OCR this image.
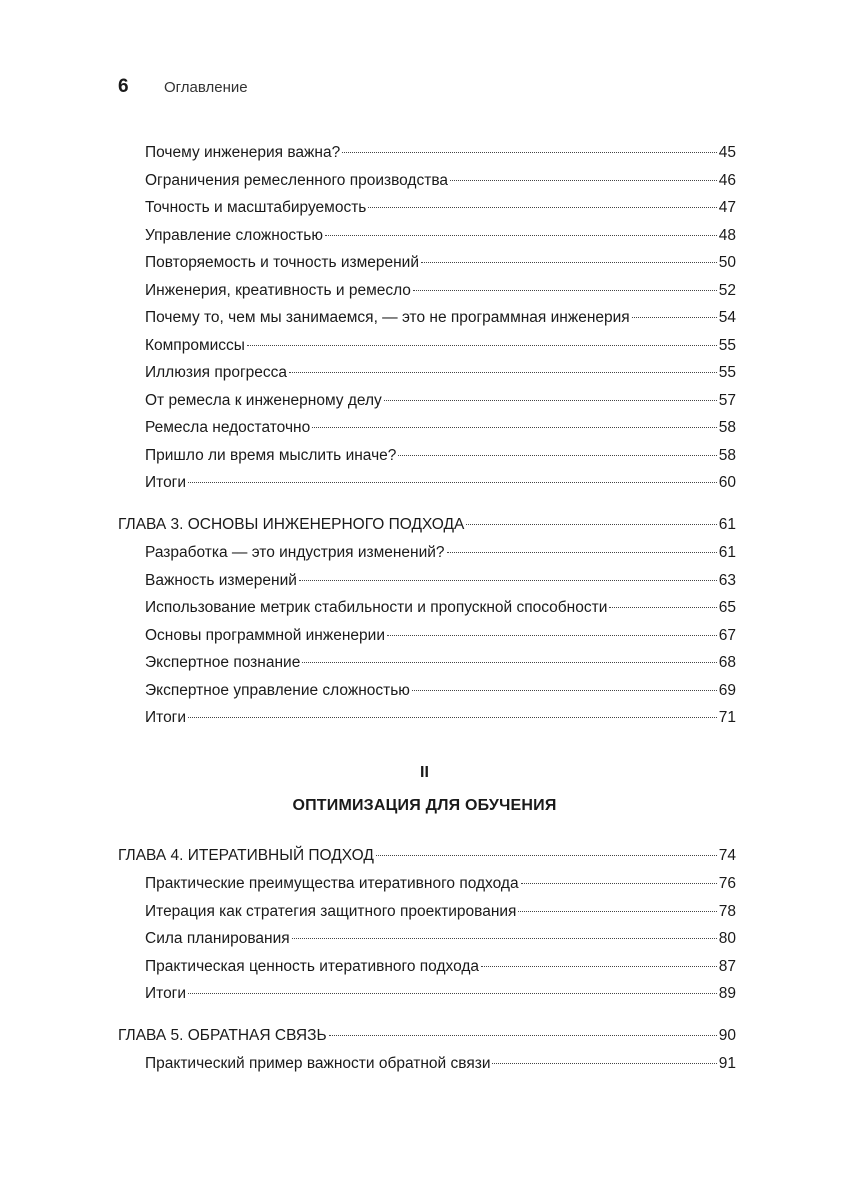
6	Оглавление
Почему инженерия важна?	45
Ограничения ремесленного производства	46
Точность и масштабируемость	47
Управление сложностью	48
Повторяемость и точность измерений	50
Инженерия, креативность и ремесло	52
Почему то, чем мы занимаемся, — это не программная инженерия	54
Компромиссы	55
Иллюзия прогресса	55
От ремесла к инженерному делу	57
Ремесла недостаточно	58
Пришло ли время мыслить иначе?	58
Итоги	60
ГЛАВА 3. ОСНОВЫ ИНЖЕНЕРНОГО ПОДХОДА	61
Разработка — это индустрия изменений?	61
Важность измерений	63
Использование метрик стабильности и пропускной способности	65
Основы программной инженерии	67
Экспертное познание	68
Экспертное управление сложностью	69
Итоги	71
II
ОПТИМИЗАЦИЯ ДЛЯ ОБУЧЕНИЯ
ГЛАВА 4. ИТЕРАТИВНЫЙ ПОДХОД	74
Практические преимущества итеративного подхода	76
Итерация как стратегия защитного проектирования	78
Сила планирования	80
Практическая ценность итеративного подхода	87
Итоги	89
ГЛАВА 5. ОБРАТНАЯ СВЯЗЬ	90
Практический пример важности обратной связи	91
